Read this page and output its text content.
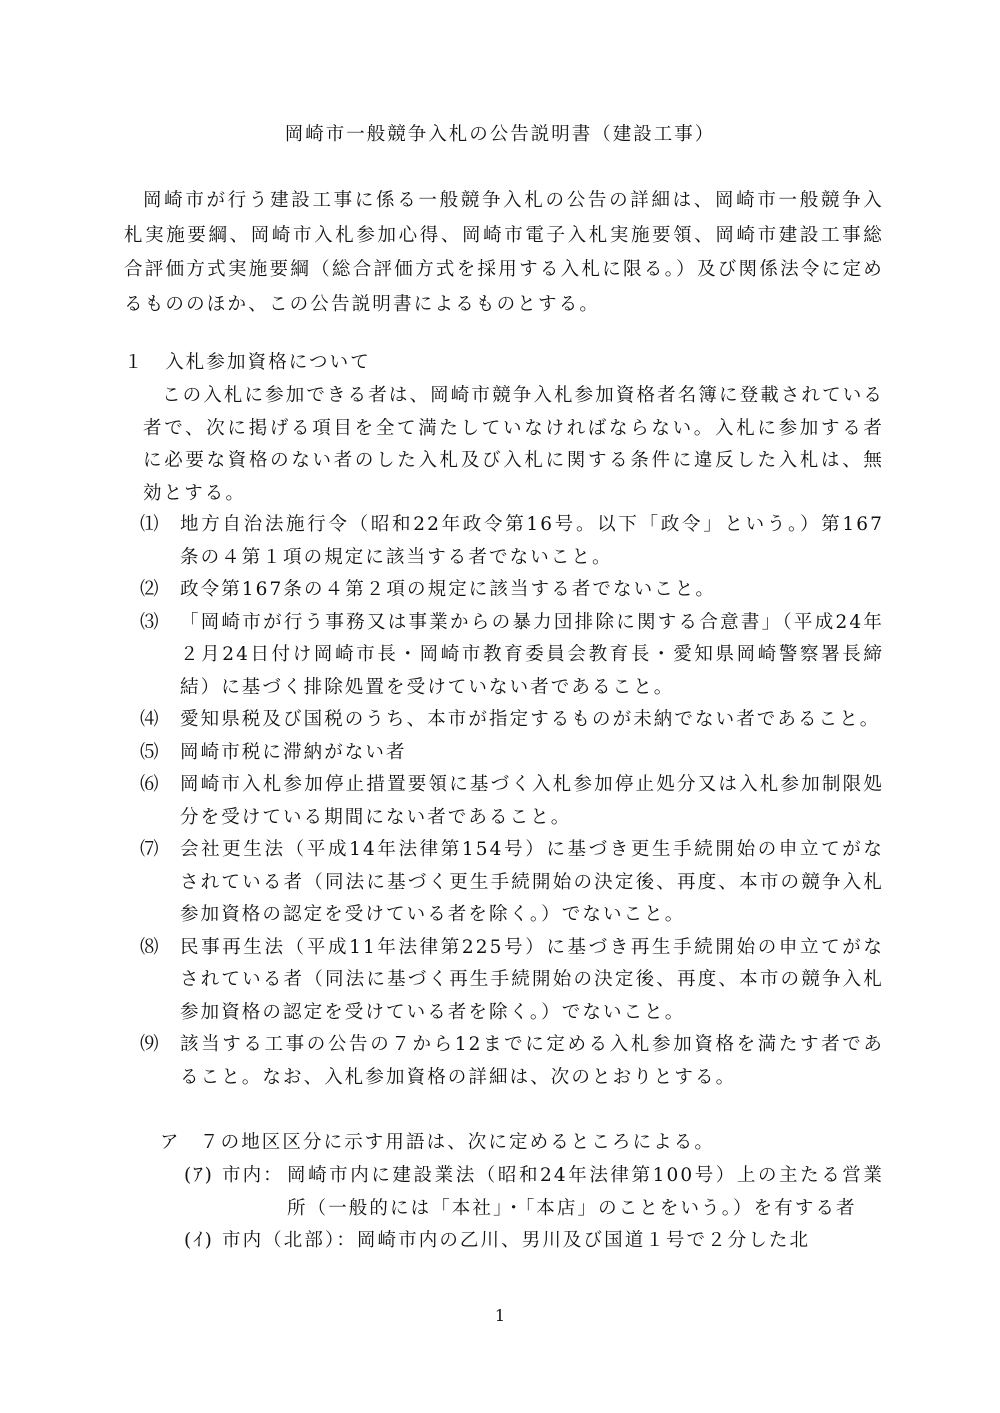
岡崎市一般競争入札の公告説明書（建設工事）

岡崎市が行う建設工事に係る一般競争入札の公告の詳細は、岡崎市一般競争入札実施要綱、岡崎市入札参加心得、岡崎市電子入札実施要領、岡崎市建設工事総合評価方式実施要綱（総合評価方式を採用する入札に限る。）及び関係法令に定めるもののほか、この公告説明書によるものとする。

１　入札参加資格について

この入札に参加できる者は、岡崎市競争入札参加資格者名簿に登載されている者で、次に掲げる項目を全て満たしていなければならない。入札に参加する者に必要な資格のない者のした入札及び入札に関する条件に違反した入札は、無効とする。

⑴	地方自治法施行令（昭和22年政令第16号。以下「政令」という。）第167条の４第１項の規定に該当する者でないこと。
⑵	政令第167条の４第２項の規定に該当する者でないこと。
⑶	「岡崎市が行う事務又は事業からの暴力団排除に関する合意書」（平成24年２月24日付け岡崎市長・岡崎市教育委員会教育長・愛知県岡崎警察署長締結）に基づく排除処置を受けていない者であること。
⑷	愛知県税及び国税のうち、本市が指定するものが未納でない者であること。
⑸	岡崎市税に滞納がない者
⑹	岡崎市入札参加停止措置要領に基づく入札参加停止処分又は入札参加制限処分を受けている期間にない者であること。
⑺	会社更生法（平成14年法律第154号）に基づき更生手続開始の申立てがなされている者（同法に基づく更生手続開始の決定後、再度、本市の競争入札参加資格の認定を受けている者を除く。）でないこと。
⑻	民事再生法（平成11年法律第225号）に基づき再生手続開始の申立てがなされている者（同法に基づく再生手続開始の決定後、再度、本市の競争入札参加資格の認定を受けている者を除く。）でないこと。
⑼	該当する工事の公告の７から12までに定める入札参加資格を満たす者であること。なお、入札参加資格の詳細は、次のとおりとする。
ア	７の地区区分に示す用語は、次に定めるところによる。
(ｱ) 市内： 岡崎市内に建設業法（昭和24年法律第100号）上の主たる営業所（一般的には「本社」・「本店」のことをいう。）を有する者
(ｲ) 市内（北部）： 岡崎市内の乙川、男川及び国道１号で２分した北
1
